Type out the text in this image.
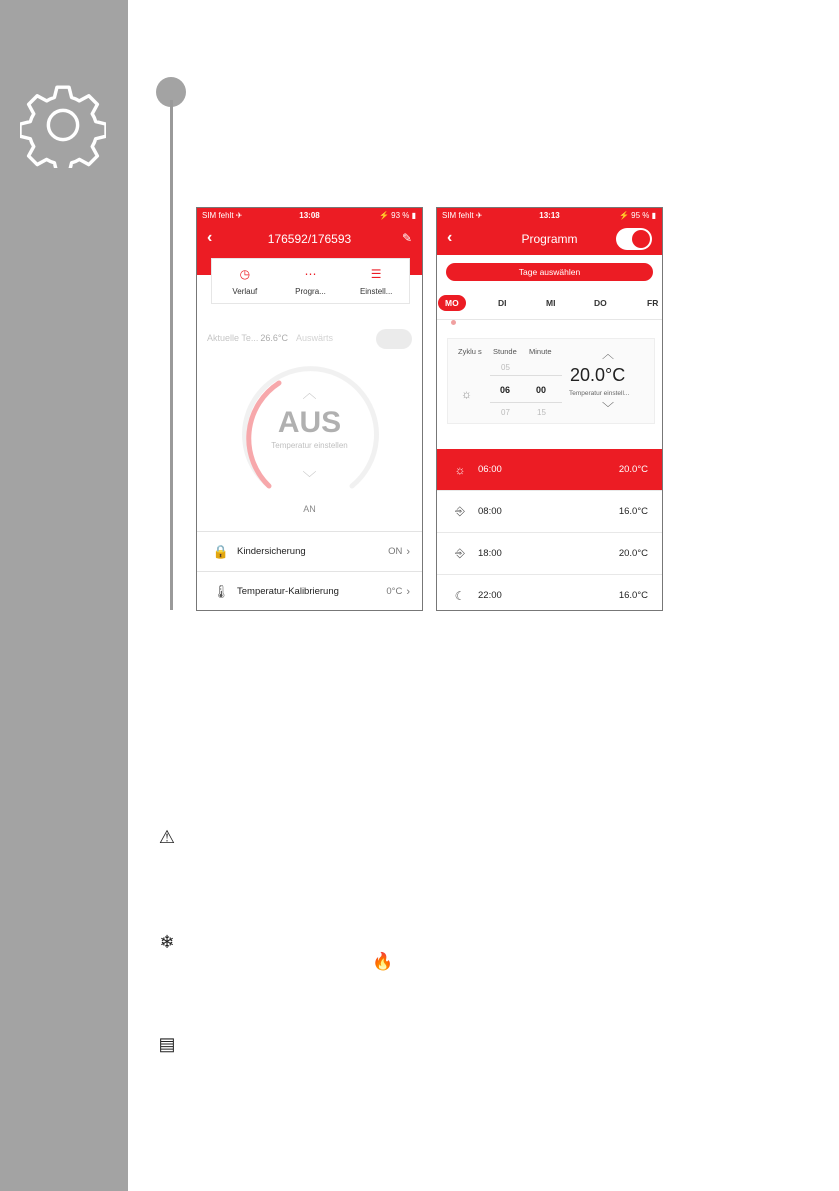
SIM fehlt ✈	13:08	⚡ 93 % ▮
‹	176592/176593	✎
◷
Verlauf
⋯
Progra...
☰
Einstell...
Aktuelle Te... 26.6°C Auswärts
︿
AUS
Temperatur einstellen
﹀
AN
🔒 Kindersicherung	ON ›
🌡 Temperatur-Kalibrierung	0°C ›
SIM fehlt ✈	13:13	⚡ 95 % ▮
‹	Programm
Tage auswählen
MO	DI	MI	DO	FR
Zyklu s Stunde Minute
☼
05
06	00
07	15
︿
20.0°C
Temperatur einstell...
﹀
☼ 06:00	20.0°C
⎆	08:00	16.0°C
⎆	18:00	20.0°C
☾ 22:00	16.0°C
⚠
❄
🔥
▤
